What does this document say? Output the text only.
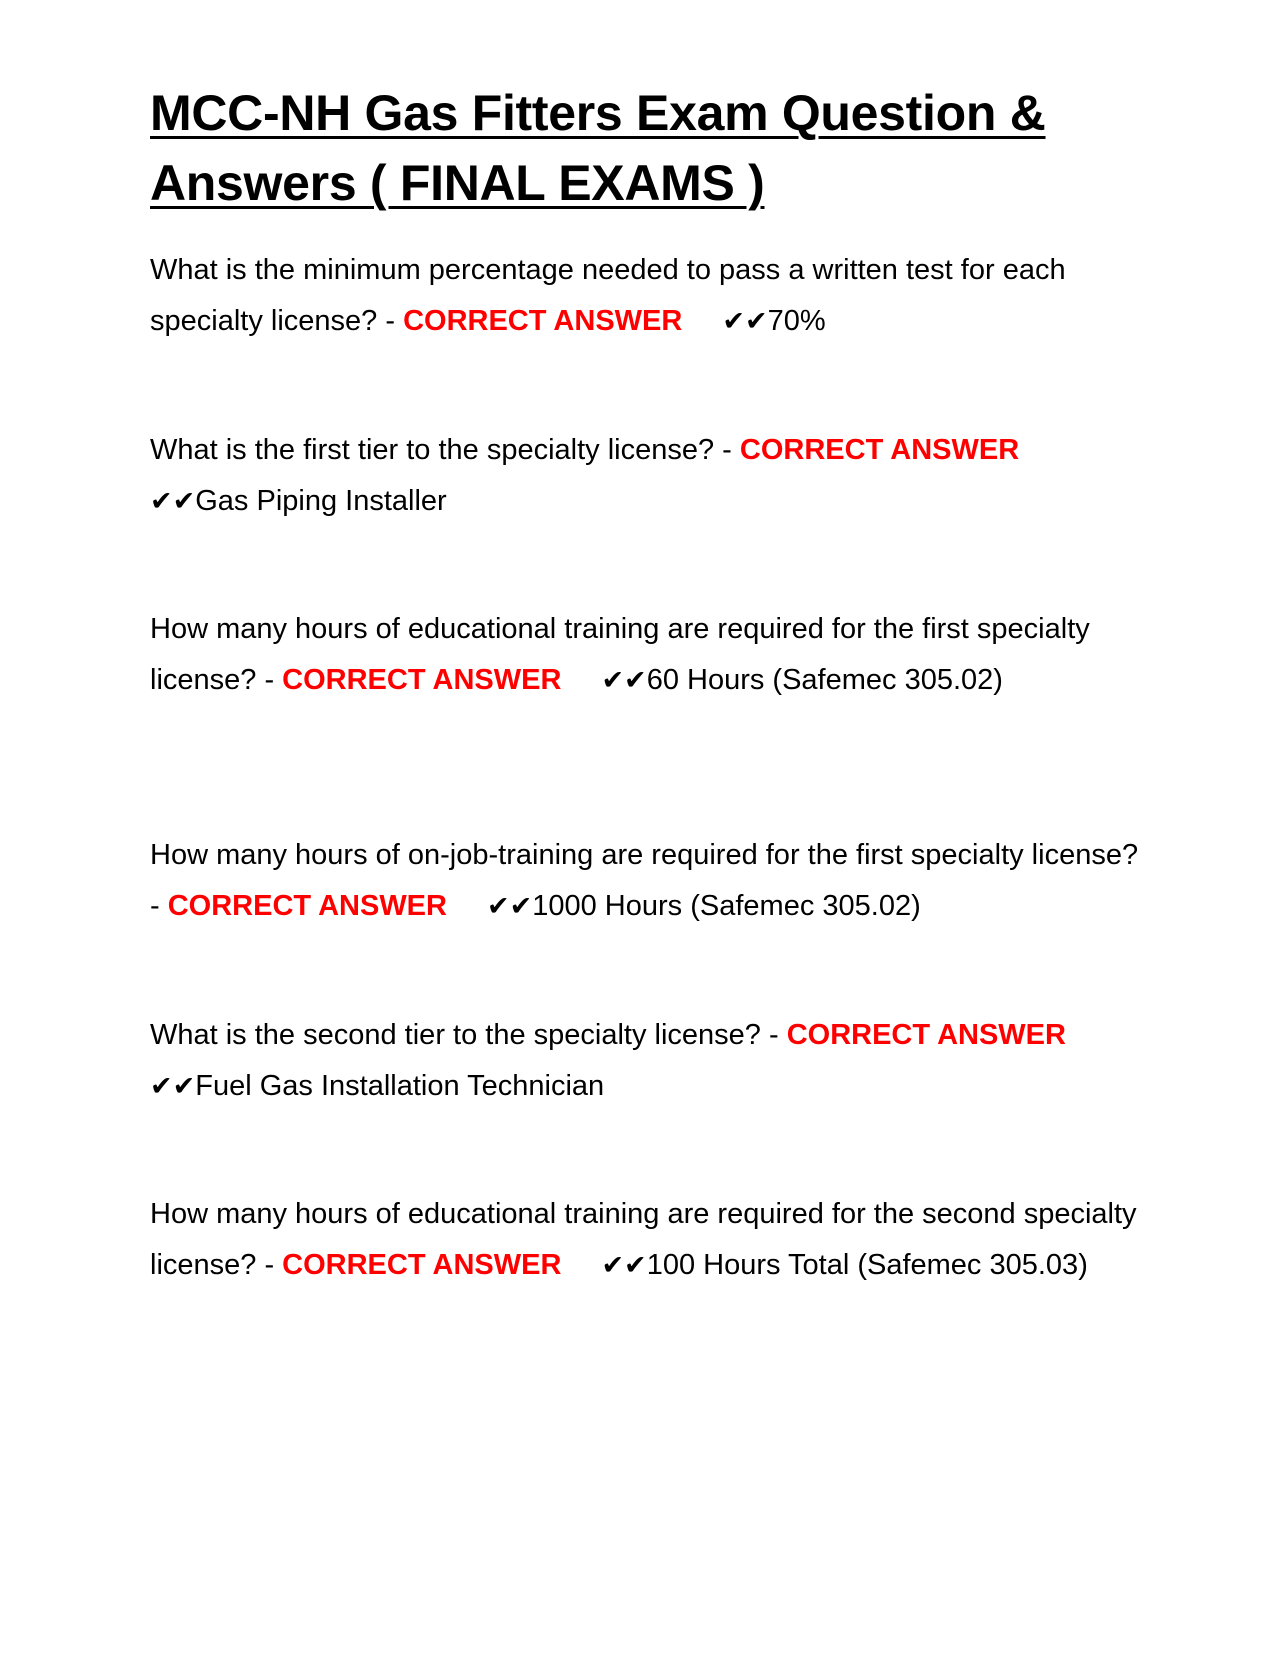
MCC-NH Gas Fitters Exam Question & Answers ( FINAL EXAMS )

What is the minimum percentage needed to pass a written test for each specialty license? - CORRECT ANSWER ✔✔70%

What is the first tier to the specialty license? - CORRECT ANSWER✔✔Gas Piping Installer

How many hours of educational training are required for the first specialty license? - CORRECT ANSWER ✔✔60 Hours (Safemec 305.02)

How many hours of on-job-training are required for the first specialty license? - CORRECT ANSWER ✔✔1000 Hours (Safemec 305.02)

What is the second tier to the specialty license? - CORRECT ANSWER✔✔Fuel Gas Installation Technician

How many hours of educational training are required for the second specialty license? - CORRECT ANSWER ✔✔100 Hours Total (Safemec 305.03)
